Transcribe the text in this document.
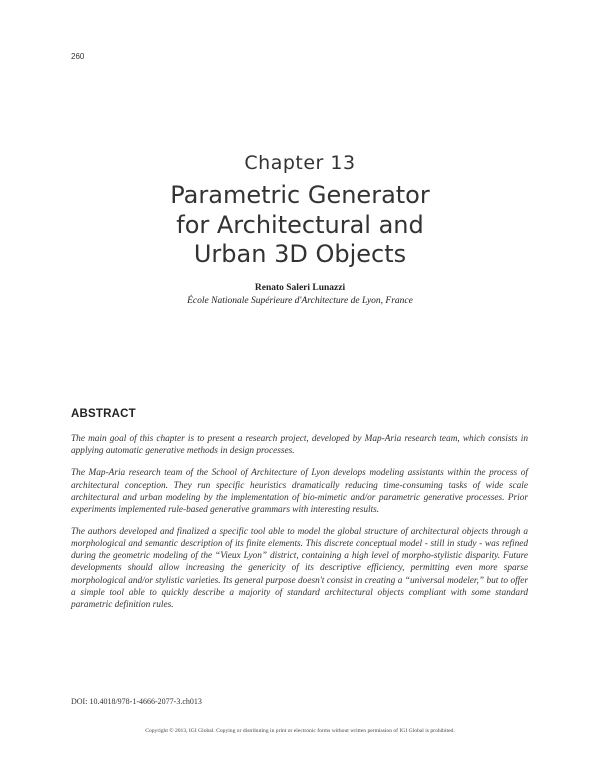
260
Chapter 13
Parametric Generator
for Architectural and
Urban 3D Objects
Renato Saleri Lunazzi
École Nationale Supérieure d'Architecture de Lyon, France
ABSTRACT

The main goal of this chapter is to present a research project, developed by Map-Aria research team, which consists in applying automatic generative methods in design processes.

The Map-Aria research team of the School of Architecture of Lyon develops modeling assistants within the process of architectural conception. They run specific heuristics dramatically reducing time-consuming tasks of wide scale architectural and urban modeling by the implementation of bio-mimetic and/or parametric generative processes. Prior experiments implemented rule-based generative grammars with interesting results.

The authors developed and finalized a specific tool able to model the global structure of architectural objects through a morphological and semantic description of its finite elements. This discrete conceptual model - still in study - was refined during the geometric modeling of the “Vieux Lyon” district, containing a high level of morpho-stylistic disparity. Future developments should allow increasing the genericity of its descriptive efficiency, permitting even more sparse morphological and/or stylistic varieties. Its general purpose doesn't consist in creating a “universal modeler,” but to offer a simple tool able to quickly describe a majority of standard architectural objects compliant with some standard parametric definition rules.

DOI: 10.4018/978-1-4666-2077-3.ch013
Copyright © 2013, IGI Global. Copying or distributing in print or electronic forms without written permission of IGI Global is prohibited.
